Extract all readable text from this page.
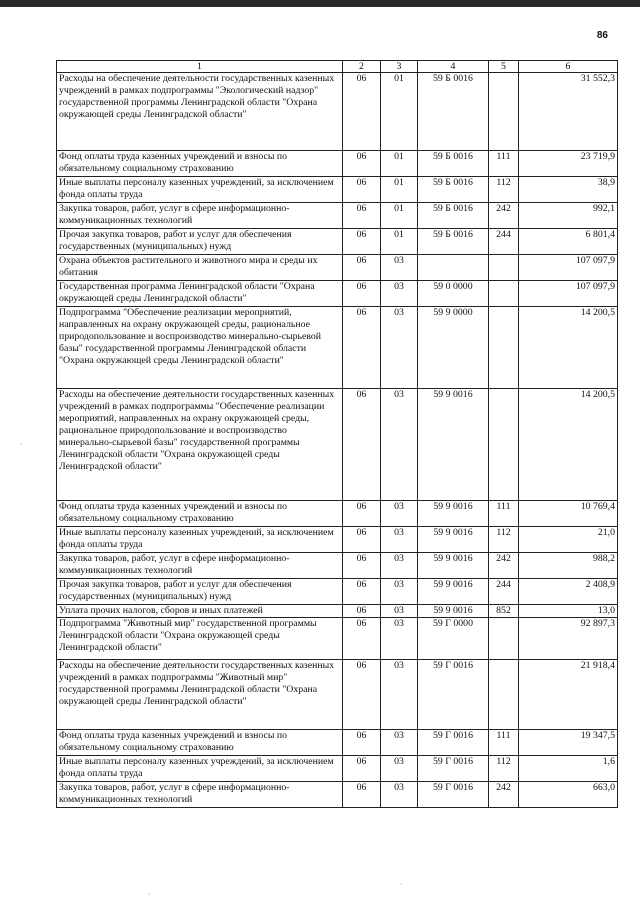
86
1	2	3	4	5	6
Расходы на обеспечение деятельности государственных казенных учреждений в рамках подпрограммы "Экологический надзор" государственной программы Ленинградской области "Охрана окружающей среды Ленинградской области"	06	01	59 Б 0016		31 552,3
Фонд оплаты труда казенных учреждений и взносы по обязательному социальному страхованию	06	01	59 Б 0016	111	23 719,9
Иные выплаты персоналу казенных учреждений, за исключением фонда оплаты труда	06	01	59 Б 0016	112	38,9
Закупка товаров, работ, услуг в сфере информационно-коммуникационных технологий	06	01	59 Б 0016	242	992,1
Прочая закупка товаров, работ и услуг для обеспечения государственных (муниципальных) нужд	06	01	59 Б 0016	244	6 801,4
Охрана объектов растительного и животного мира и среды их обитания	06	03			107 097,9
Государственная программа Ленинградской области "Охрана окружающей среды Ленинградской области"	06	03	59 0 0000		107 097,9
Подпрограмма "Обеспечение реализации мероприятий, направленных на охрану окружающей среды, рациональное природопользование и воспроизводство минерально-сырьевой базы" государственной программы Ленинградской области "Охрана окружающей среды Ленинградской области"	06	03	59 9 0000		14 200,5
Расходы на обеспечение деятельности государственных казенных учреждений в рамках подпрограммы "Обеспечение реализации мероприятий, направленных на охрану окружающей среды, рациональное природопользование и воспроизводство минерально-сырьевой базы" государственной программы Ленинградской области "Охрана окружающей среды Ленинградской области"	06	03	59 9 0016		14 200,5
Фонд оплаты труда казенных учреждений и взносы по обязательному социальному страхованию	06	03	59 9 0016	111	10 769,4
Иные выплаты персоналу казенных учреждений, за исключением фонда оплаты труда	06	03	59 9 0016	112	21,0
Закупка товаров, работ, услуг в сфере информационно-коммуникационных технологий	06	03	59 9 0016	242	988,2
Прочая закупка товаров, работ и услуг для обеспечения государственных (муниципальных) нужд	06	03	59 9 0016	244	2 408,9
Уплата прочих налогов, сборов и иных платежей	06	03	59 9 0016	852	13,0
Подпрограмма "Животный мир" государственной программы Ленинградской области "Охрана окружающей среды Ленинградской области"	06	03	59 Г 0000		92 897,3
Расходы на обеспечение деятельности государственных казенных учреждений в рамках подпрограммы "Животный мир" государственной программы Ленинградской области "Охрана окружающей среды Ленинградской области"	06	03	59 Г 0016		21 918,4
Фонд оплаты труда казенных учреждений и взносы по обязательному социальному страхованию	06	03	59 Г 0016	111	19 347,5
Иные выплаты персоналу казенных учреждений, за исключением фонда оплаты труда	06	03	59 Г 0016	112	1,6
Закупка товаров, работ, услуг в сфере информационно-коммуникационных технологий	06	03	59 Г 0016	242	663,0
·
·
·
